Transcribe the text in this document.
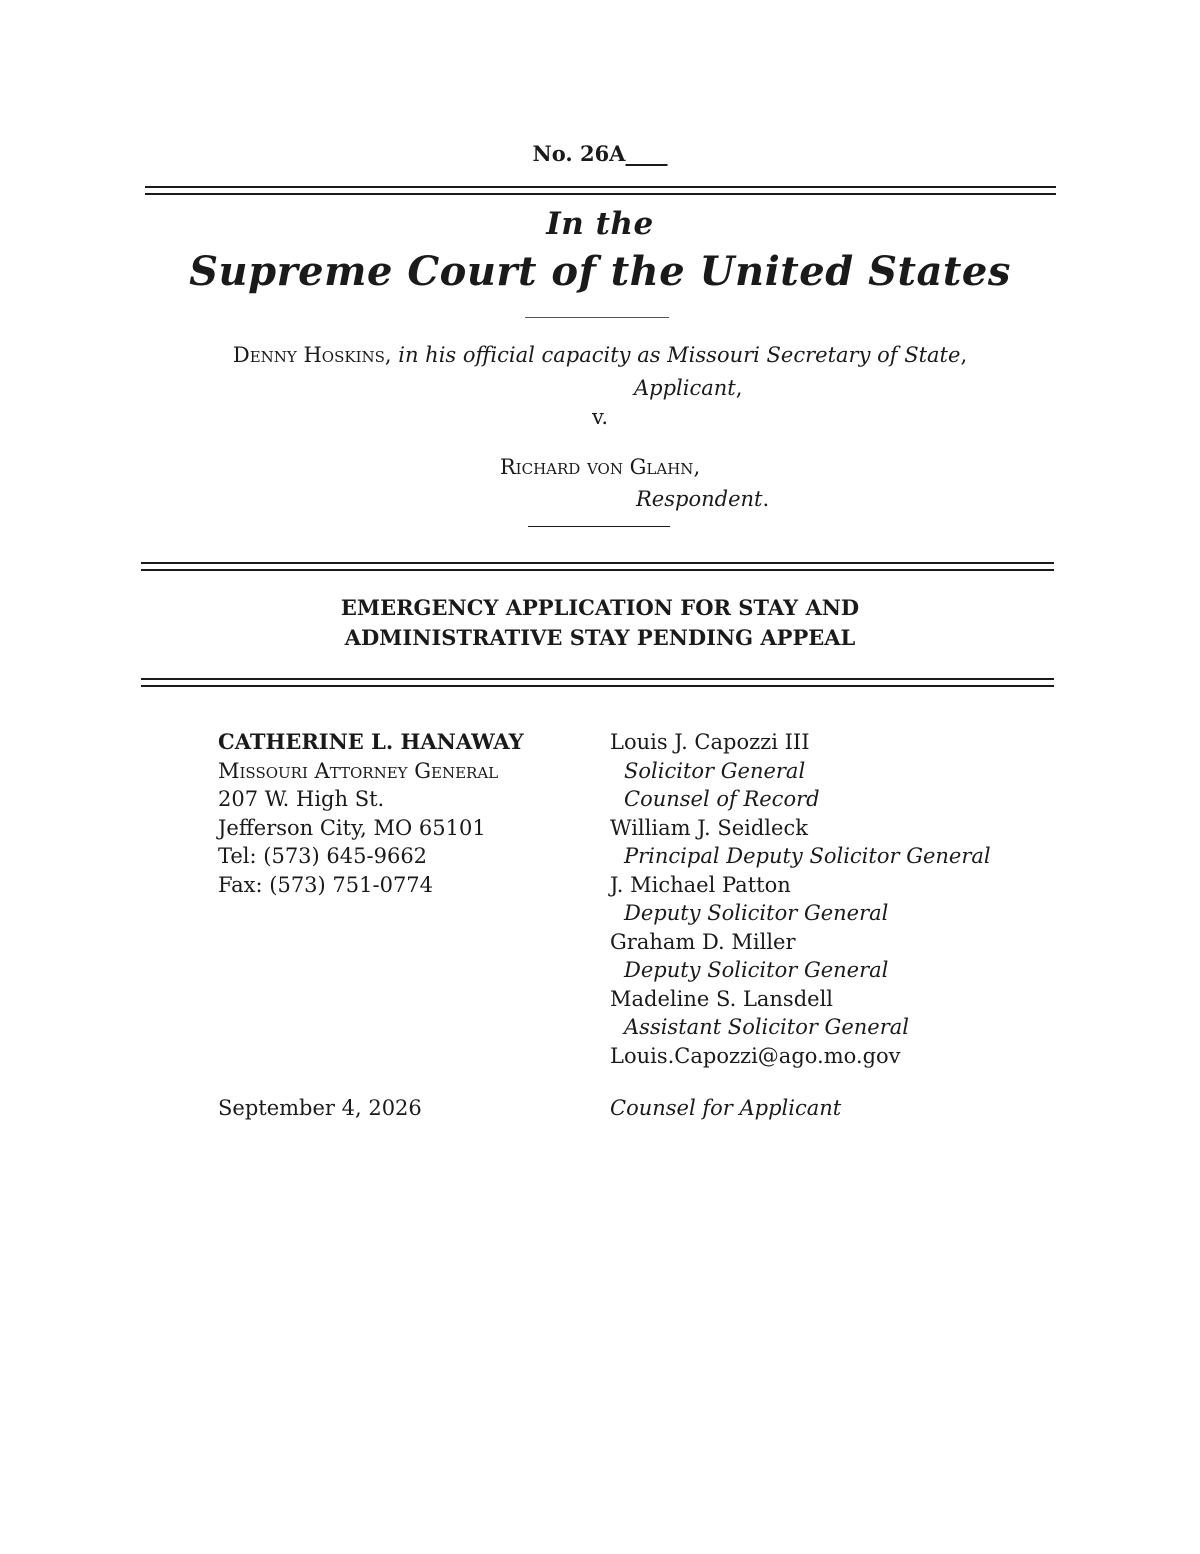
No. 26A____
In the
Supreme Court of the United States
Denny Hoskins, in his official capacity as Missouri Secretary of State,
Applicant,
v.
Richard von Glahn,
Respondent.
EMERGENCY APPLICATION FOR STAY AND
ADMINISTRATIVE STAY PENDING APPEAL
CATHERINE L. HANAWAY
Missouri Attorney General
207 W. High St.
Jefferson City, MO 65101
Tel: (573) 645-9662
Fax: (573) 751-0774
Louis J. Capozzi III
Solicitor General
Counsel of Record
William J. Seidleck
Principal Deputy Solicitor General
J. Michael Patton
Deputy Solicitor General
Graham D. Miller
Deputy Solicitor General
Madeline S. Lansdell
Assistant Solicitor General
Louis.Capozzi@ago.mo.gov
September 4, 2026	Counsel for Applicant
